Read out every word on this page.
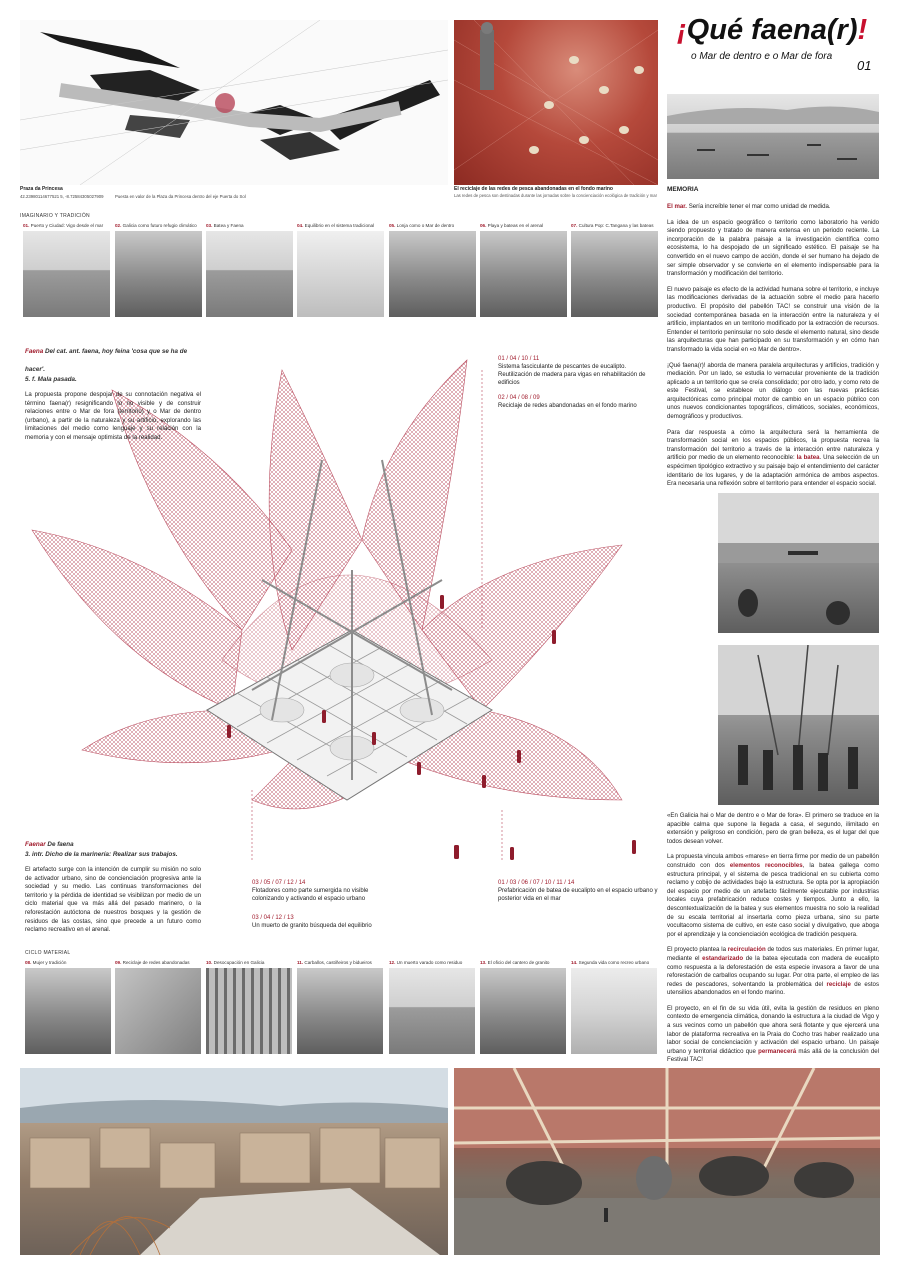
Praza da Princesa
42.23980114677521 5, -8.72584305027909	Puesta en valor de la Plaza da Princesa dentro del eje Puerta do Sol
El reciclaje de las redes de pesca abandonadas en el fondo marino
Las redes de pesca son destinadas durante las jornadas sobre la concienciación ecológica de tradición y mar
¡Qué faena(r)!
o Mar de dentro e o Mar de fora
01
MEMORIA

El mar. Sería increíble tener el mar como unidad de medida.

La idea de un espacio geográfico o territorio como laboratorio ha venido siendo propuesto y tratado de manera extensa en un periodo reciente. La incorporación de la palabra paisaje a la investigación científica como ecosistema, lo ha despojado de un significado estético. El paisaje se ha convertido en el nuevo campo de acción, donde el ser humano ha dejado de ser simple observador y se convierte en el elemento indispensable para la transformación y modificación del territorio.

El nuevo paisaje es efecto de la actividad humana sobre el territorio, e incluye las modificaciones derivadas de la actuación sobre el medio para hacerlo productivo. El propósito del pabellón TAC! se construir una visión de la sociedad contemporánea basada en la interacción entre la naturaleza y el artificio, implantados en un territorio modificado por la extracción de recursos. Entender el territorio peninsular no solo desde el elemento natural, sino desde las arquitecturas que han participado en su transformación y en cómo han transformado la vida social en «o Mar de dentro».

¡Qué faena(r)! aborda de manera paralela arquitecturas y artificios, tradición y mediación. Por un lado, se estudia lo vernacular proveniente de la tradición aplicado a un territorio que se creía consolidado; por otro lado, y como reto de este Festival, se establece un diálogo con las nuevas prácticas arquitectónicas como principal motor de cambio en un espacio público con unos nuevos condicionantes topográficos, climáticos, sociales, económicos, demográficos y productivos.

Para dar respuesta a cómo la arquitectura será la herramienta de transformación social en los espacios públicos, la propuesta recrea la transformación del territorio a través de la interacción entre naturaleza y artificio por medio de un elemento reconocible: la batea. Una selección de un espécimen tipológico extractivo y su paisaje bajo el entendimiento del carácter identitario de los lugares, y de la adaptación armónica de ambos aspectos. Era necesaria una reflexión sobre el territorio para entender el espacio social.

«En Galicia hai o Mar de dentro e o Mar de fora». El primero se traduce en la apacible calma que supone la llegada a casa, el segundo, ilimitado en extensión y peligroso en condición, pero de gran belleza, es el lugar del que todos desean volver.

La propuesta vincula ambos «mares» en tierra firme por medio de un pabellón construido con dos elementos reconocibles, la batea gallega como estructura principal, y el sistema de pesca tradicional en su cubierta como reclamo y cobijo de actividades bajo la estructura. Se opta por la apropiación del espacio por medio de un artefacto fácilmente ejecutable por industrias locales cuya prefabricación reduce costes y tiempos. Junto a ello, la descontextualización de la batea y sus elementos muestra no solo la realidad de su escala territorial al insertarla como pieza urbana, sino su parte vocultacomo sistema de cultivo, en este caso social y divulgativo, que aboga por el aprendizaje y la concienciación ecológica de tradición pesquera.

El proyecto plantea la recirculación de todos sus materiales. En primer lugar, mediante el estandarizado de la batea ejecutada con madera de eucalipto como respuesta a la deforestación de esta especie invasora a favor de una reforestación de carballos ocupando su lugar. Por otra parte, el empleo de las redes de pescadores, solventando la problemática del reciclaje de estos utensilios abandonados en el fondo marino.

El proyecto, en el fin de su vida útil, evita la gestión de residuos en pleno contexto de emergencia climática, donando la estructura a la ciudad de Vigo y a sus vecinos como un pabellón que ahora será flotante y que ejercerá una labor de plataforma recreativa en la Praia do Cocho tras haber realizado una labor social de concienciación y activación del espacio urbano. Un paisaje urbano y territorial didáctico que permanecerá más allá de la conclusión del Festival TAC!

IMAGINARIO Y TRADICIÓN
01. Puerto y Ciudad: Vigo desde el mar	02. Galicia como futuro refugio climático	03. Batea y Faena	04. Equilibrio en el sistema tradicional	05. Lonja como o Mar de dentro	06. Playa y bateas en el arenal	07. Cultura Pop: C.Tangana y las bateas
01 / 04 / 10 / 11
Sistema fasciculante de pescantes de eucalipto. Reutilización de madera para vigas en rehabilitación de edificios
02 / 04 / 08 / 09
Reciclaje de redes abandonadas en el fondo marino
03 / 05 / 07 / 12 / 14
Flotadores como parte sumergida no visible colonizando y activando el espacio urbano
03 / 04 / 12 / 13
Un muerto de granito búsqueda del equilibrio
01 / 03 / 06 / 07 / 10 / 11 / 14
Prefabricación de batea de eucalipto en el espacio urbano y posterior vida en el mar
Faena Del cat. ant. faena, hoy feina 'cosa que se ha de hacer'.
5. f. Mala pasada.
La propuesta propone despojar de su connotación negativa el término faena(r) resignificando lo no visible y de construir relaciones entre o Mar de fora (territorio) y o Mar de dentro (urbano), a partir de la naturaleza y su artificio, explorando las limitaciones del medio como lenguaje y su relación con la memoria y con el mensaje optimista de la realidad.
Faenar De faena
3. intr. Dicho de la marinería: Realizar sus trabajos.
El artefacto surge con la intención de cumplir su misión no solo de activador urbano, sino de concienciación progresiva ante la sociedad y su medio. Las continuas transformaciones del territorio y la pérdida de identidad se visibilizan por medio de un ciclo material que va más allá del pasado marinero, o la reforestación autóctona de nuestros bosques y la gestión de residuos de las costas, sino que precede a un futuro como reclamo recreativo en el arenal.
CICLO MATERIAL
08. Mujer y tradición	09. Reciclaje de redes abandonadas	10. Desocupación en Galicia	11. Carballos, castiñeiros y bidueiros	12. Un muerto varado como residuo	13. El oficio del cantero de granito	14. Segunda vida como recreo urbano
